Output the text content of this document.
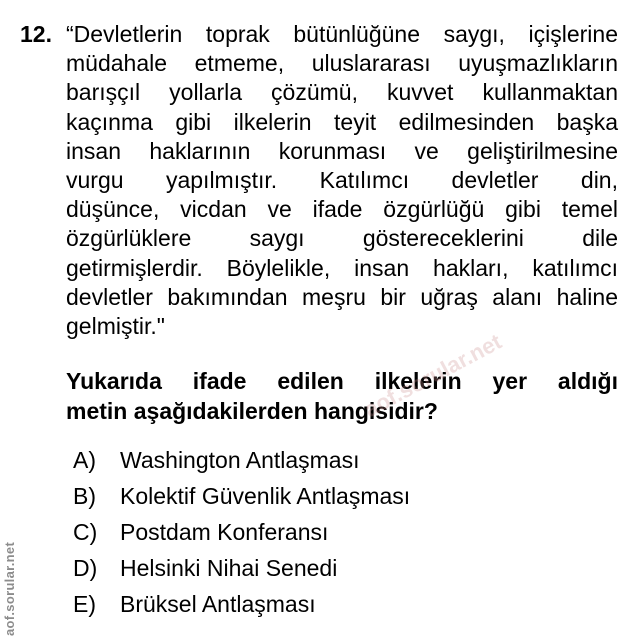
12. “Devletlerin toprak bütünlüğüne saygı, içişlerine
müdahale etmeme, uluslararası uyuşmazlıkların
barışçıl yollarla çözümü, kuvvet kullanmaktan
kaçınma gibi ilkelerin teyit edilmesinden başka
insan haklarının korunması ve geliştirilmesine
vurgu yapılmıştır. Katılımcı devletler din,
düşünce, vicdan ve ifade özgürlüğü gibi temel
özgürlüklere saygı göstereceklerini dile
getirmişlerdir. Böylelikle, insan hakları, katılımcı
devletler bakımından meşru bir uğraş alanı haline
gelmiştir."
Yukarıda ifade edilen ilkelerin yer aldığı
metin aşağıdakilerden hangisidir?
A) Washington Antlaşması
B) Kolektif Güvenlik Antlaşması
C) Postdam Konferansı
D) Helsinki Nihai Senedi
E) Brüksel Antlaşması
aof.sorular.net
aof.sorular.net
